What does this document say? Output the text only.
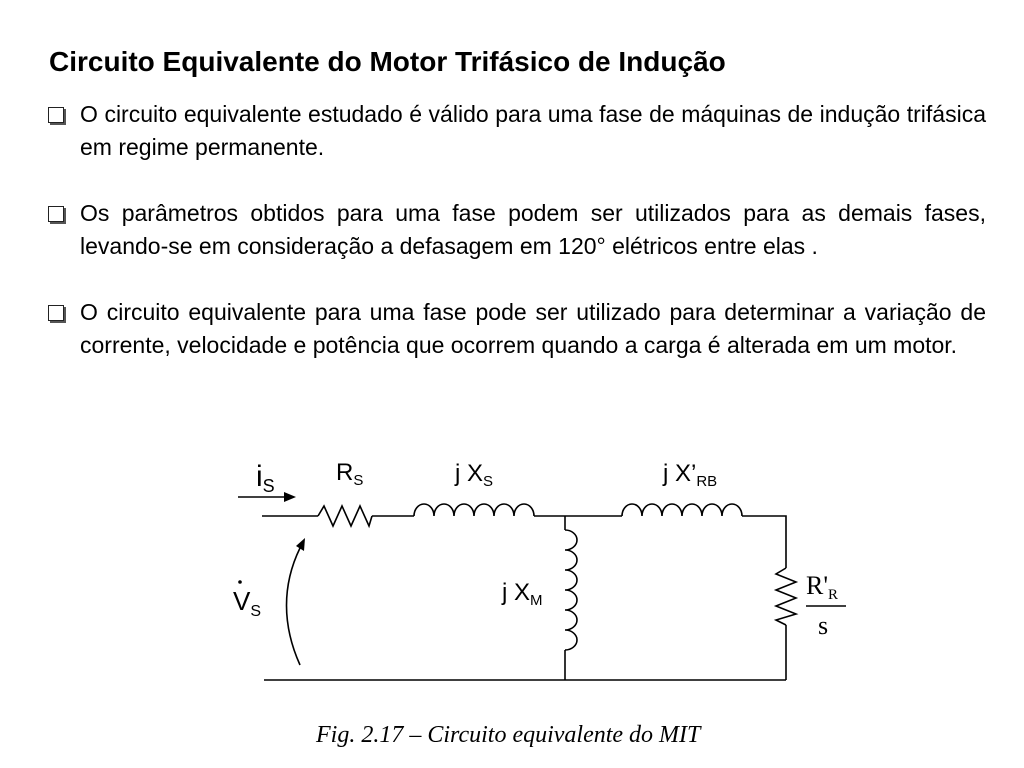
Circuito Equivalente do Motor Trifásico de Indução
O circuito equivalente estudado é válido para uma fase de máquinas de indução trifásica em regime permanente.
Os parâmetros obtidos para uma fase podem ser utilizados para as demais fases, levando-se em consideração a defasagem em 120° elétricos entre elas .
O circuito equivalente para uma fase pode ser utilizado para determinar a variação de corrente, velocidade e potência que ocorrem quando a carga é alterada em um motor.
$i_S$
$V_S$
$R_S$	j $X_S$	j $X’_{RB}$
j $X_M$
R'R
s
Fig. 2.17 – Circuito equivalente do MIT
